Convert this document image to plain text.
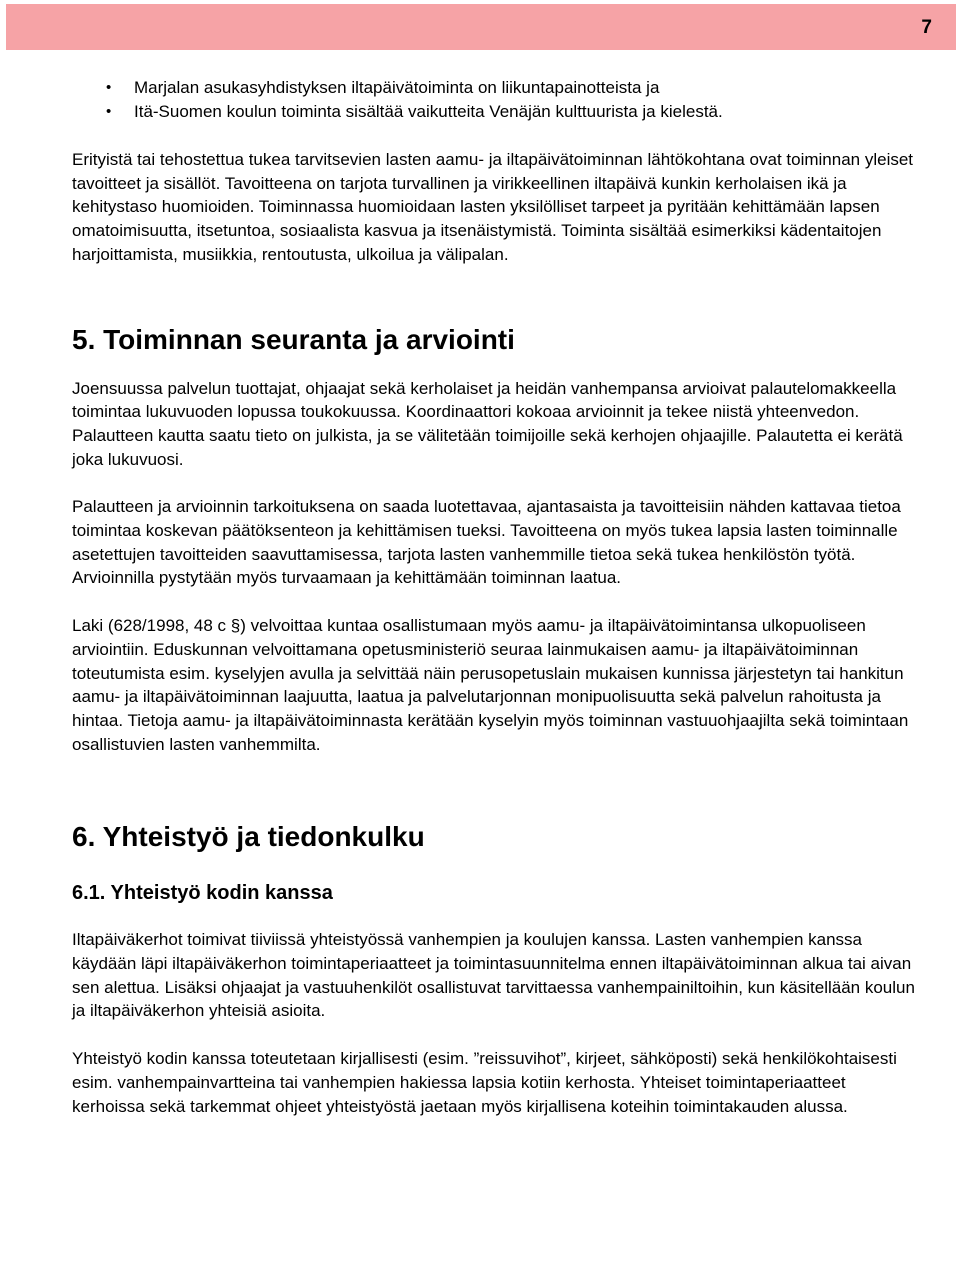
7
• Marjalan asukasyhdistyksen iltapäivätoiminta on liikuntapainotteista ja
• Itä-Suomen koulun toiminta sisältää vaikutteita Venäjän kulttuurista ja kielestä.

Erityistä tai tehostettua tukea tarvitsevien lasten aamu- ja iltapäivätoiminnan lähtökohtana ovat toiminnan yleiset tavoitteet ja sisällöt. Tavoitteena on tarjota turvallinen ja virikkeellinen iltapäivä kunkin kerholaisen ikä ja kehitystaso huomioiden. Toiminnassa huomioidaan lasten yksilölliset tarpeet ja pyritään kehittämään lapsen omatoimisuutta, itsetuntoa, sosiaalista kasvua ja itsenäistymistä. Toiminta sisältää esimerkiksi kädentaitojen harjoittamista, musiikkia, rentoutusta, ulkoilua ja välipalan.

5. Toiminnan seuranta ja arviointi

Joensuussa palvelun tuottajat, ohjaajat sekä kerholaiset ja heidän vanhempansa arvioivat palautelomakkeella toimintaa lukuvuoden lopussa toukokuussa. Koordinaattori kokoaa arvioinnit ja tekee niistä yhteenvedon. Palautteen kautta saatu tieto on julkista, ja se välitetään toimijoille sekä kerhojen ohjaajille. Palautetta ei kerätä joka lukuvuosi.

Palautteen ja arvioinnin tarkoituksena on saada luotettavaa, ajantasaista ja tavoitteisiin nähden kattavaa tietoa toimintaa koskevan päätöksenteon ja kehittämisen tueksi. Tavoitteena on myös tukea lapsia lasten toiminnalle asetettujen tavoitteiden saavuttamisessa, tarjota lasten vanhemmille tietoa sekä tukea henkilöstön työtä. Arvioinnilla pystytään myös turvaamaan ja kehittämään toiminnan laatua.

Laki (628/1998, 48 c §) velvoittaa kuntaa osallistumaan myös aamu- ja iltapäivätoimintansa ulkopuoliseen arviointiin. Eduskunnan velvoittamana opetusministeriö seuraa lainmukaisen aamu- ja iltapäivätoiminnan toteutumista esim. kyselyjen avulla ja selvittää näin perusopetuslain mukaisen kunnissa järjestetyn tai hankitun aamu- ja iltapäivätoiminnan laajuutta, laatua ja palvelutarjonnan monipuolisuutta sekä palvelun rahoitusta ja hintaa. Tietoja aamu- ja iltapäivätoiminnasta kerätään kyselyin myös toiminnan vastuuohjaajilta sekä toimintaan osallistuvien lasten vanhemmilta.

6. Yhteistyö ja tiedonkulku
6.1. Yhteistyö kodin kanssa

Iltapäiväkerhot toimivat tiiviissä yhteistyössä vanhempien ja koulujen kanssa. Lasten vanhempien kanssa käydään läpi iltapäiväkerhon toimintaperiaatteet ja toimintasuunnitelma ennen iltapäivätoiminnan alkua tai aivan sen alettua. Lisäksi ohjaajat ja vastuuhenkilöt osallistuvat tarvittaessa vanhempainiltoihin, kun käsitellään koulun ja iltapäiväkerhon yhteisiä asioita.

Yhteistyö kodin kanssa toteutetaan kirjallisesti (esim. ”reissuvihot”, kirjeet, sähköposti) sekä henkilökohtaisesti esim. vanhempainvartteina tai vanhempien hakiessa lapsia kotiin kerhosta. Yhteiset toimintaperiaatteet kerhoissa sekä tarkemmat ohjeet yhteistyöstä jaetaan myös kirjallisena koteihin toimintakauden alussa.
